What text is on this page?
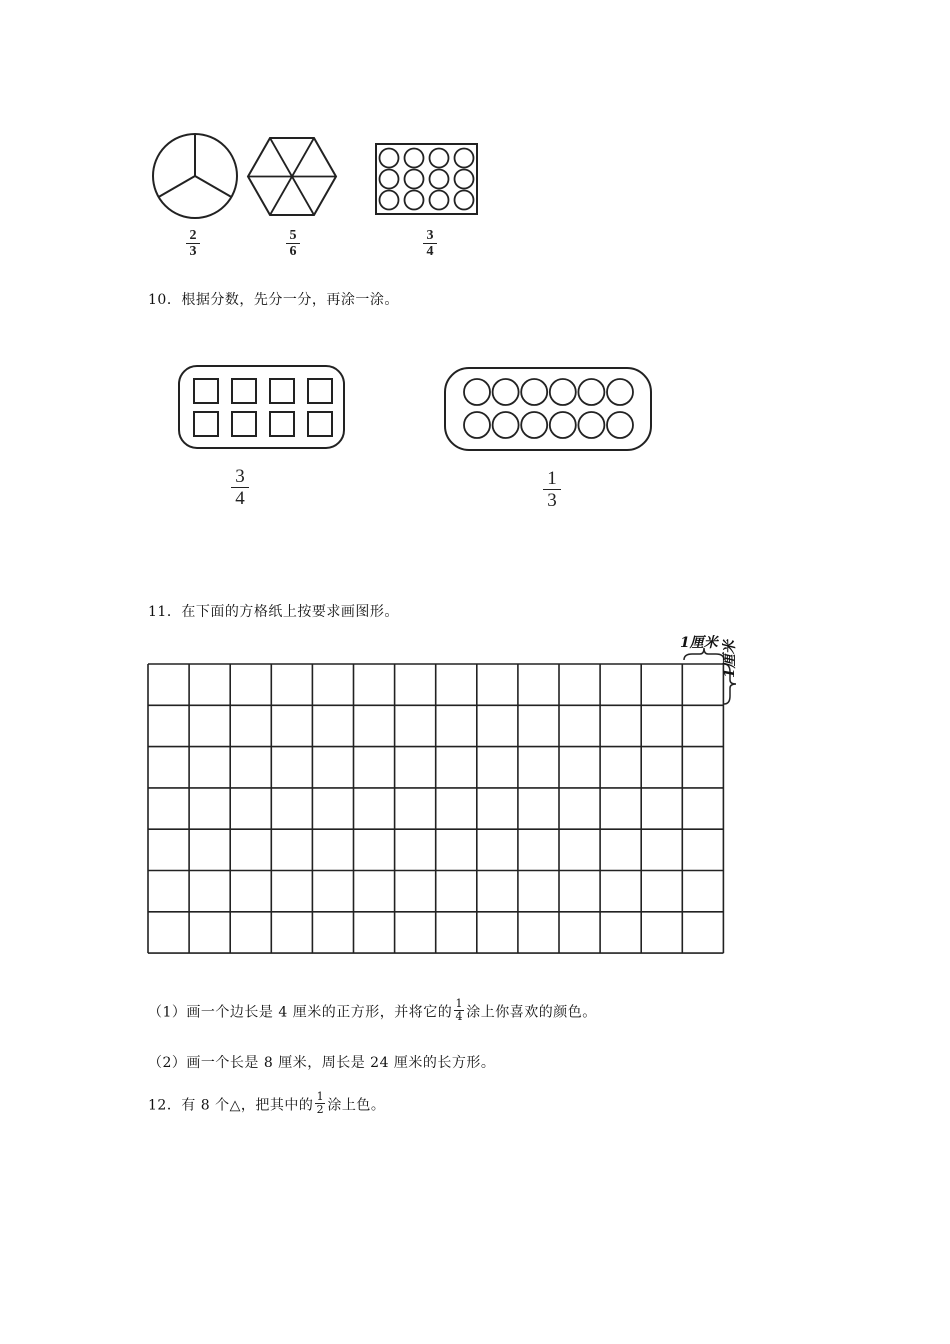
2
3
5
6
3
4
10．根据分数，先分一分，再涂一涂。
3
4
1
3
11．在下面的方格纸上按要求画图形。
1厘米 1厘米
（1）画一个边长是 4 厘米的正方形，并将它的 $\frac{1}{4}$ 涂上你喜欢的颜色。
（2）画一个长是 8 厘米，周长是 24 厘米的长方形。
12．有 8 个△，把其中的 $\frac{1}{2}$ 涂上色。
